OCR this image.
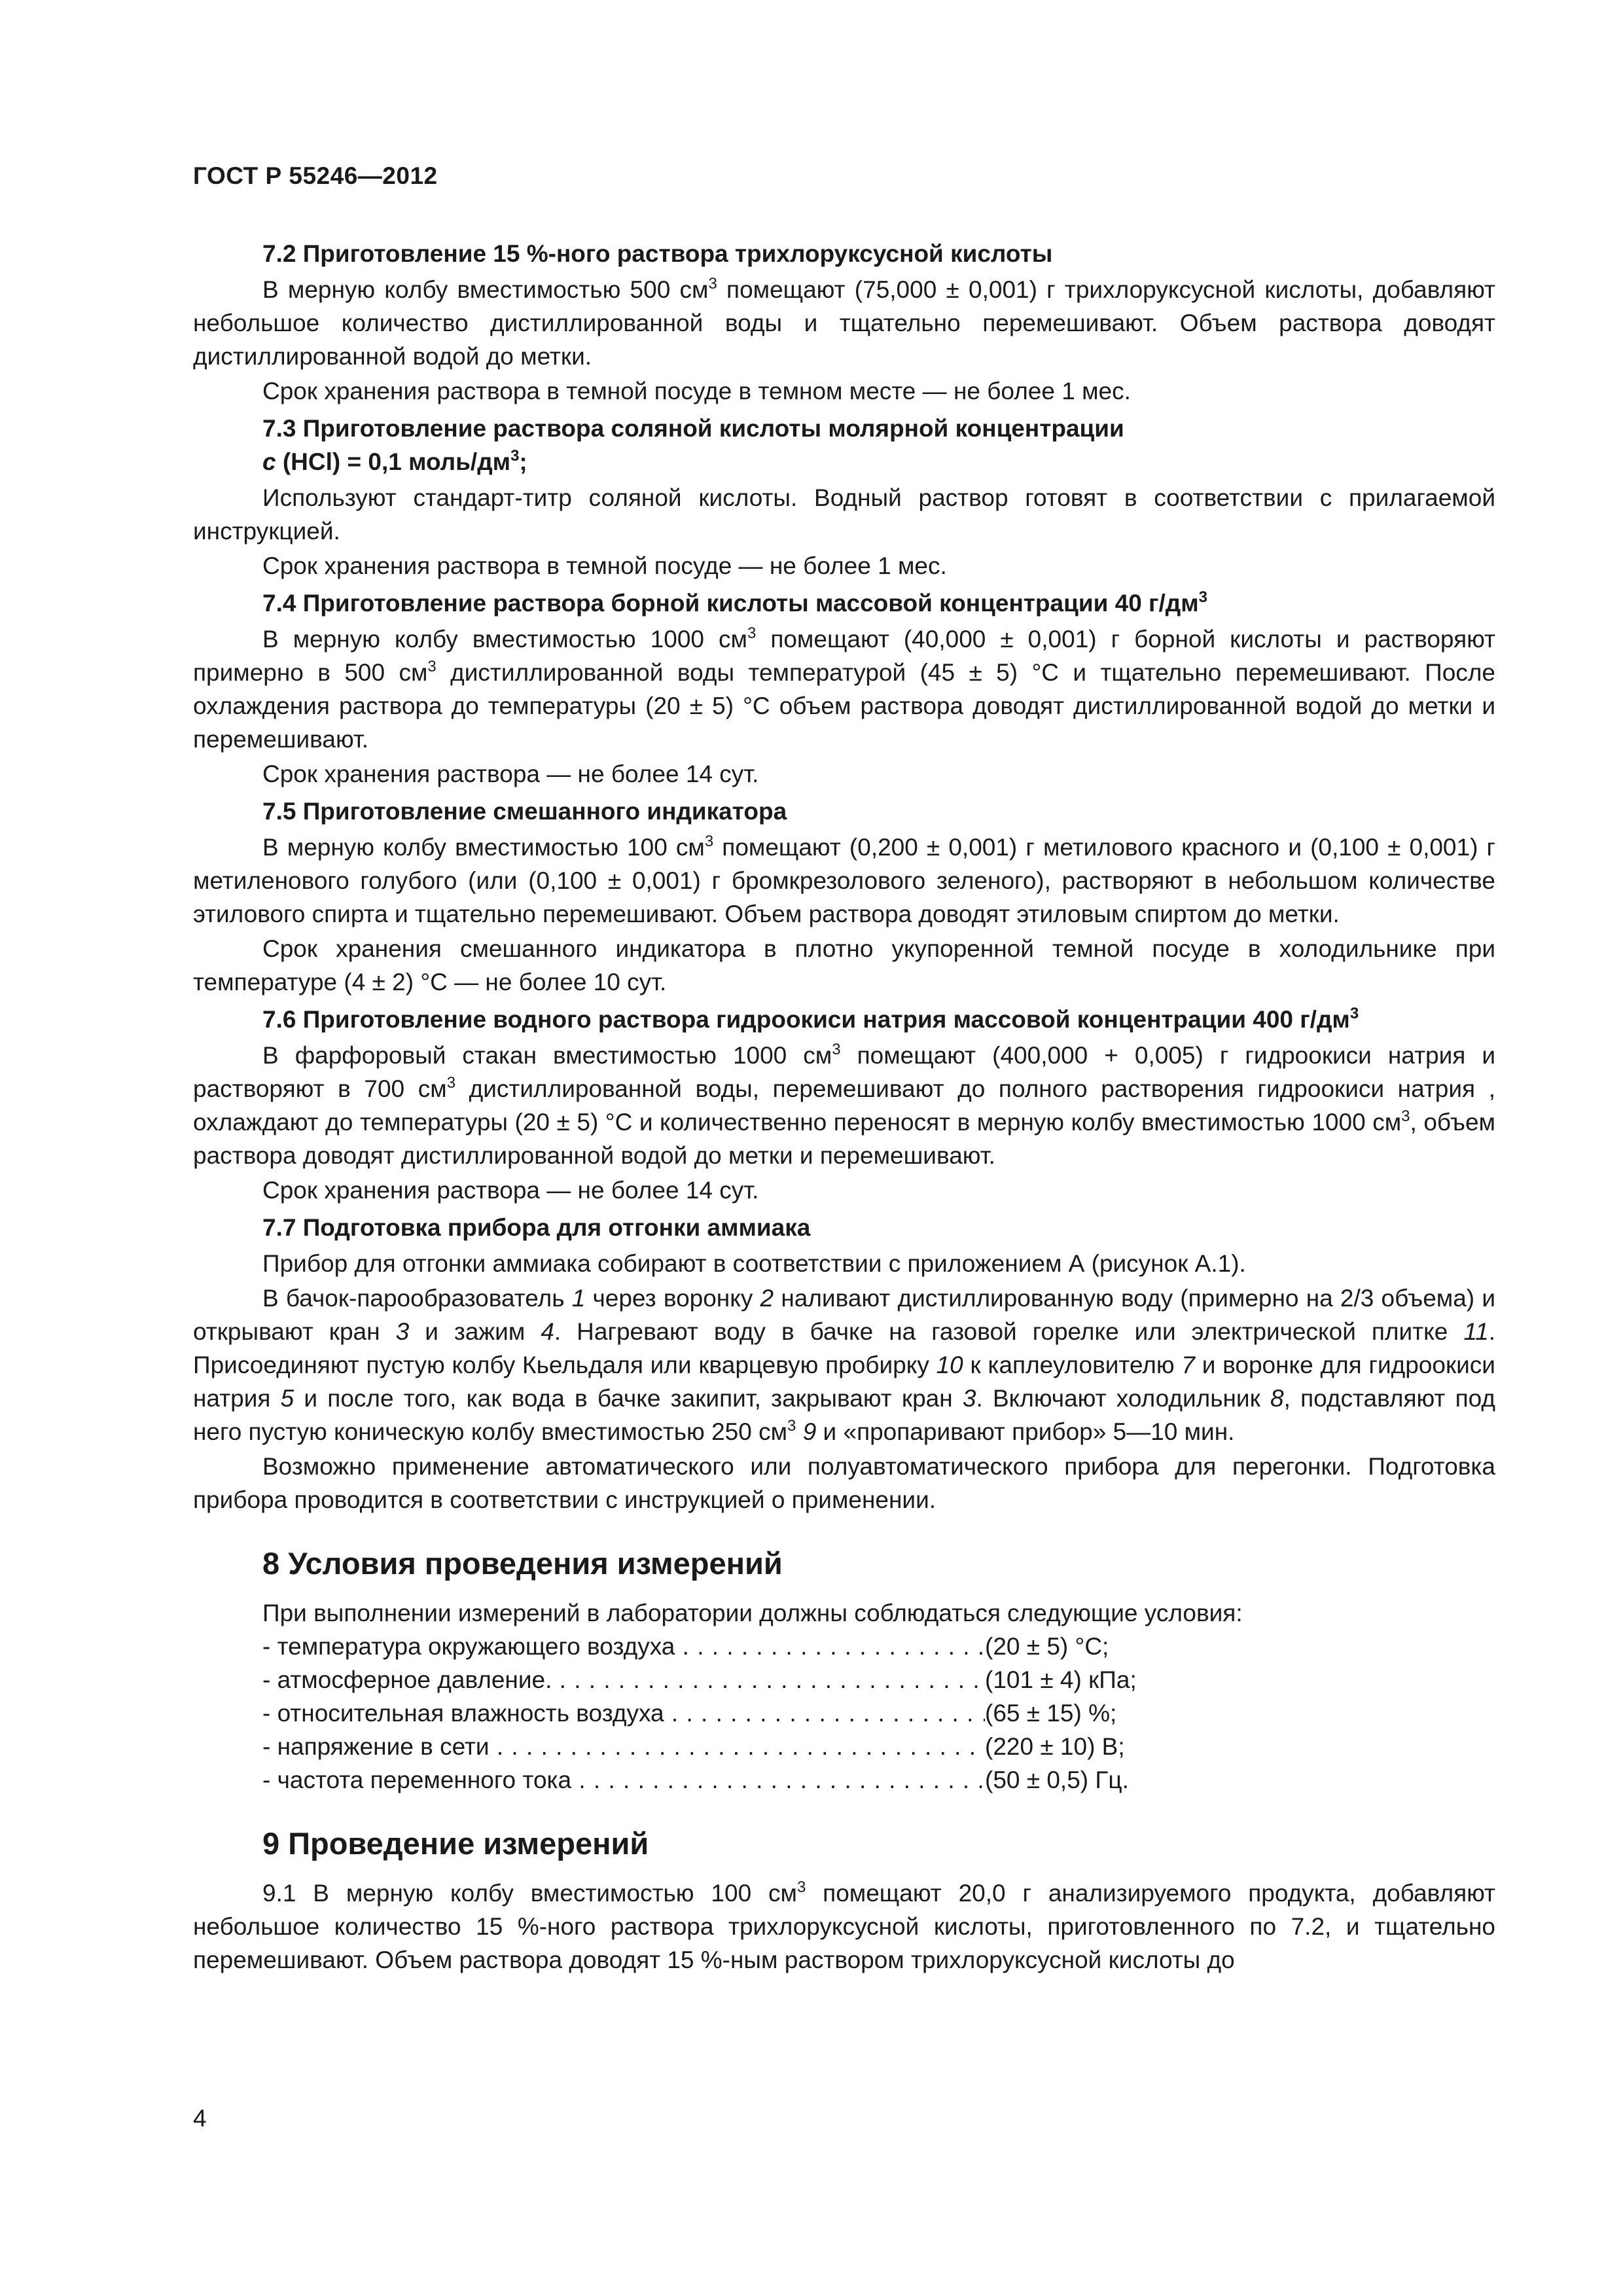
ГОСТ Р 55246—2012
7.2 Приготовление 15 %-ного раствора трихлоруксусной кислоты
В мерную колбу вместимостью 500 $см^3$ помещают (75,000 ± 0,001) г трихлоруксусной кислоты, добавляют небольшое количество дистиллированной воды и тщательно перемешивают. Объем раствора доводят дистиллированной водой до метки.
Срок хранения раствора в темной посуде в темном месте — не более 1 мес.
7.3 Приготовление раствора соляной кислоты молярной концентрации
c (HCl) = 0,1 моль/$дм^3$;
Используют стандарт-титр соляной кислоты. Водный раствор готовят в соответствии с прилагаемой инструкцией.
Срок хранения раствора в темной посуде — не более 1 мес.
7.4 Приготовление раствора борной кислоты массовой концентрации 40 $г/дм^3$
В мерную колбу вместимостью 1000 $см^3$ помещают (40,000 ± 0,001) г борной кислоты и растворяют примерно в 500 $см^3$ дистиллированной воды температурой (45 ± 5) °С и тщательно перемешивают. После охлаждения раствора до температуры (20 ± 5) °С объем раствора доводят дистиллированной водой до метки и перемешивают.
Срок хранения раствора — не более 14 сут.
7.5 Приготовление смешанного индикатора
В мерную колбу вместимостью 100 $см^3$ помещают (0,200 ± 0,001) г метилового красного и (0,100 ± 0,001) г метиленового голубого (или (0,100 ± 0,001) г бромкрезолового зеленого), растворяют в небольшом количестве этилового спирта и тщательно перемешивают. Объем раствора доводят этиловым спиртом до метки.
Срок хранения смешанного индикатора в плотно укупоренной темной посуде в холодильнике при температуре (4 ± 2) °С — не более 10 сут.
7.6 Приготовление водного раствора гидроокиси натрия массовой концентрации 400 $г/дм^3$
В фарфоровый стакан вместимостью 1000 $см^3$ помещают (400,000 + 0,005) г гидроокиси натрия и растворяют в 700 $см^3$ дистиллированной воды, перемешивают до полного растворения гидроокиси натрия , охлаждают до температуры (20 ± 5) °С и количественно переносят в мерную колбу вместимостью 1000 $см^3$, объем раствора доводят дистиллированной водой до метки и перемешивают.
Срок хранения раствора — не более 14 сут.
7.7 Подготовка прибора для отгонки аммиака
Прибор для отгонки аммиака собирают в соответствии с приложением А (рисунок А.1).
В бачок-парообразователь 1 через воронку 2 наливают дистиллированную воду (примерно на 2/3 объема) и открывают кран 3 и зажим 4. Нагревают воду в бачке на газовой горелке или электрической плитке 11. Присоединяют пустую колбу Кьельдаля или кварцевую пробирку 10 к каплеуловителю 7 и воронке для гидроокиси натрия 5 и после того, как вода в бачке закипит, закрывают кран 3. Включают холодильник 8, подставляют под него пустую коническую колбу вместимостью 250 $см^3$ 9 и «пропаривают прибор» 5—10 мин.
Возможно применение автоматического или полуавтоматического прибора для перегонки. Подготовка прибора проводится в соответствии с инструкцией о применении.
8 Условия проведения измерений
При выполнении измерений в лаборатории должны соблюдаться следующие условия:
- температура окружающего воздуха . . .	(20 ± 5) °С;
- атмосферное давление. . . .	(101 ± 4) кПа;
- относительная влажность воздуха . . .	(65 ± 15) %;
- напряжение в сети . . .	(220 ± 10) В;
- частота переменного тока . . .	(50 ± 0,5) Гц.
9 Проведение измерений
9.1 В мерную колбу вместимостью 100 $см^3$ помещают 20,0 г анализируемого продукта, добавляют небольшое количество 15 %-ного раствора трихлоруксусной кислоты, приготовленного по 7.2, и тщательно перемешивают. Объем раствора доводят 15 %-ным раствором трихлоруксусной кислоты до
4
